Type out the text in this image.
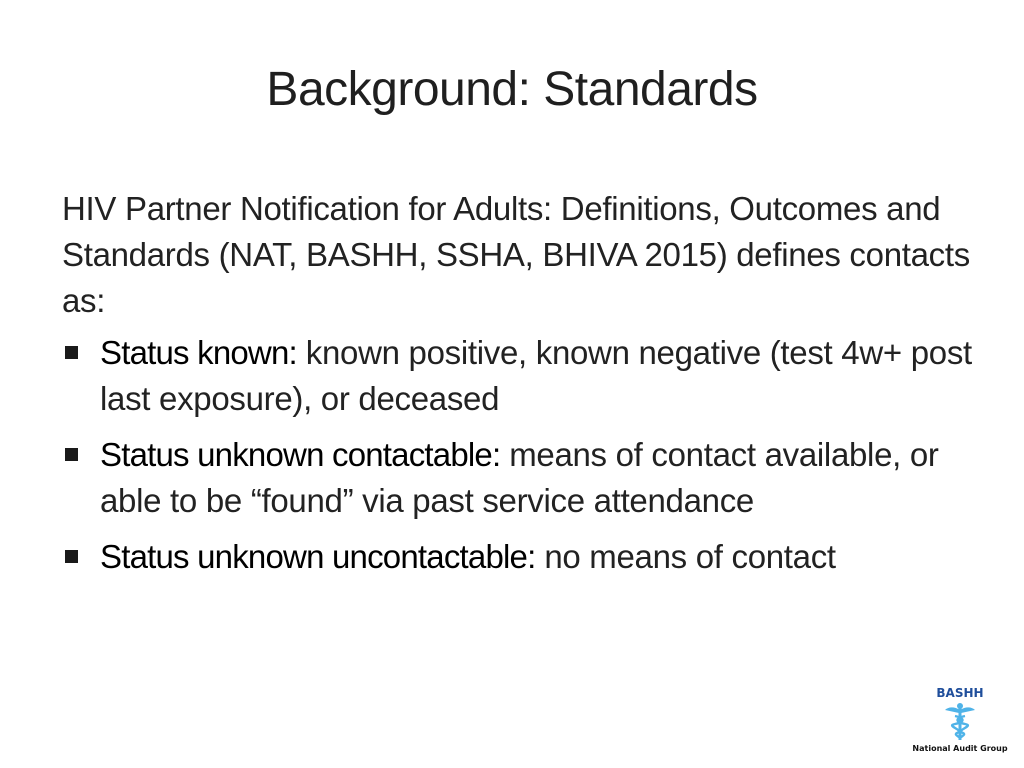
Background: Standards
HIV Partner Notification for Adults: Definitions, Outcomes and Standards (NAT, BASHH, SSHA, BHIVA 2015) defines contacts as:
Status known: known positive, known negative (test 4w+ post last exposure), or deceased
Status unknown contactable: means of contact available, or able to be “found” via past service attendance
Status unknown uncontactable: no means of contact
BASHH
National Audit Group
